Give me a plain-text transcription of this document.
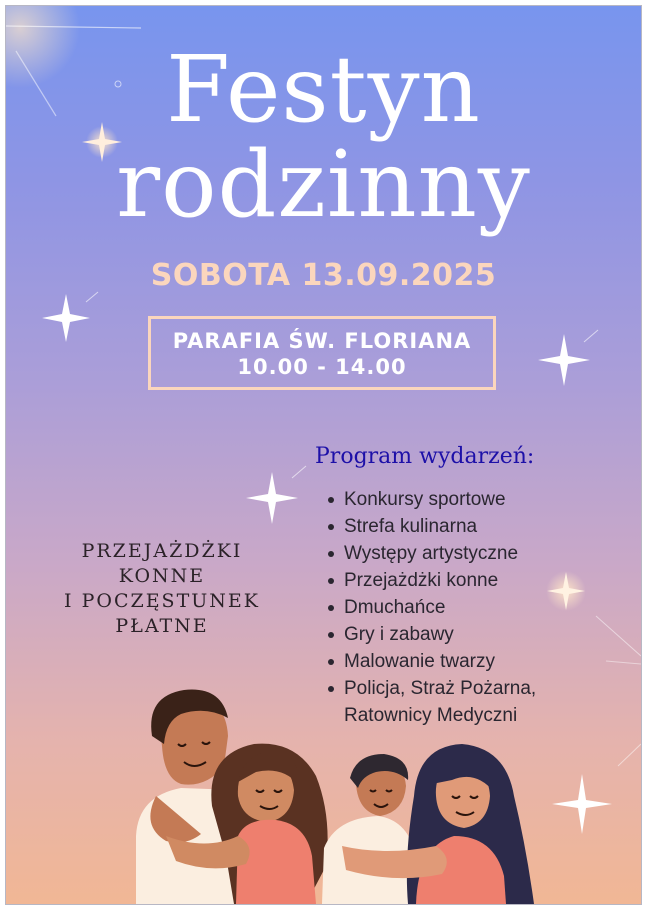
Festyn
rodzinny
SOBOTA 13.09.2025
PARAFIA ŚW. FLORIANA
10.00 - 14.00
Program wydarzeń:
Konkursy sportowe
Strefa kulinarna
Występy artystyczne
Przejażdżki konne
Dmuchańce
Gry i zabawy
Malowanie twarzy
Policja, Straż Pożarna,
Ratownicy Medyczni
PRZEJAŻDŻKI
KONNE
I POCZĘSTUNEK
PŁATNE
